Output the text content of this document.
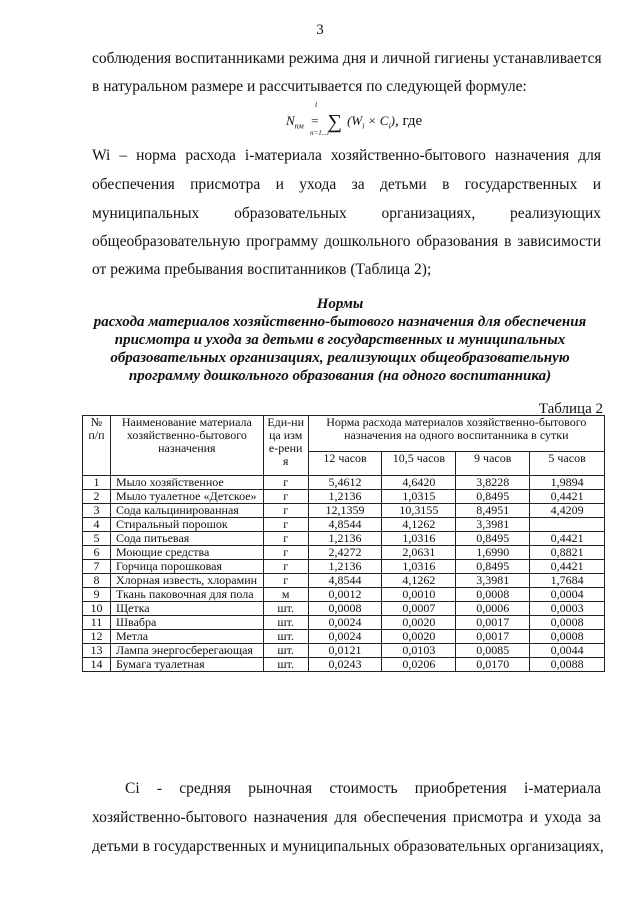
3
соблюдения воспитанниками режима дня и личной гигиены устанавливается
в натуральном размере и рассчитывается по следующей формуле:
$N_{пм}$  =
i
∑
n=1...i
$(W_i \times C_i)$, где
Wi – норма расхода i-материала хозяйственно-бытового назначения для
обеспечения присмотра и ухода за детьми в государственных и
муниципальных образовательных организациях, реализующих
общеобразовательную программу дошкольного образования в зависимости
от режима пребывания воспитанников (Таблица 2);
Нормы
расхода материалов хозяйственно-бытового назначения для обеспечения
присмотра и ухода за детьми в государственных и муниципальных
образовательных организациях, реализующих общеобразовательную
программу дошкольного образования (на одного воспитанника)
Таблица 2
№ п/п	Наименование материала хозяйственно-бытового назначения	Еди-ница изме-рения	Норма расхода материалов хозяйственно-бытового назначения на одного воспитанника в сутки			
			12 часов	10,5 часов	9 часов	5 часов
1	Мыло хозяйственное	г	5,4612	4,6420	3,8228	1,9894
2	Мыло туалетное «Детское»	г	1,2136	1,0315	0,8495	0,4421
3	Сода кальцинированная	г	12,1359	10,3155	8,4951	4,4209
4	Стиральный порошок	г	4,8544	4,1262	3,3981	
5	Сода питьевая	г	1,2136	1,0316	0,8495	0,4421
6	Моющие средства	г	2,4272	2,0631	1,6990	0,8821
7	Горчица порошковая	г	1,2136	1,0316	0,8495	0,4421
8	Хлорная известь, хлорамин	г	4,8544	4,1262	3,3981	1,7684
9	Ткань паковочная для пола	м	0,0012	0,0010	0,0008	0,0004
10	Щетка	шт.	0,0008	0,0007	0,0006	0,0003
11	Швабра	шт.	0,0024	0,0020	0,0017	0,0008
12	Метла	шт.	0,0024	0,0020	0,0017	0,0008
13	Лампа энергосберегающая	шт.	0,0121	0,0103	0,0085	0,0044
14	Бумага туалетная	шт.	0,0243	0,0206	0,0170	0,0088
Ci - средняя рыночная стоимость приобретения i-материала
хозяйственно-бытового назначения для обеспечения присмотра и ухода за
детьми в государственных и муниципальных образовательных организациях,
